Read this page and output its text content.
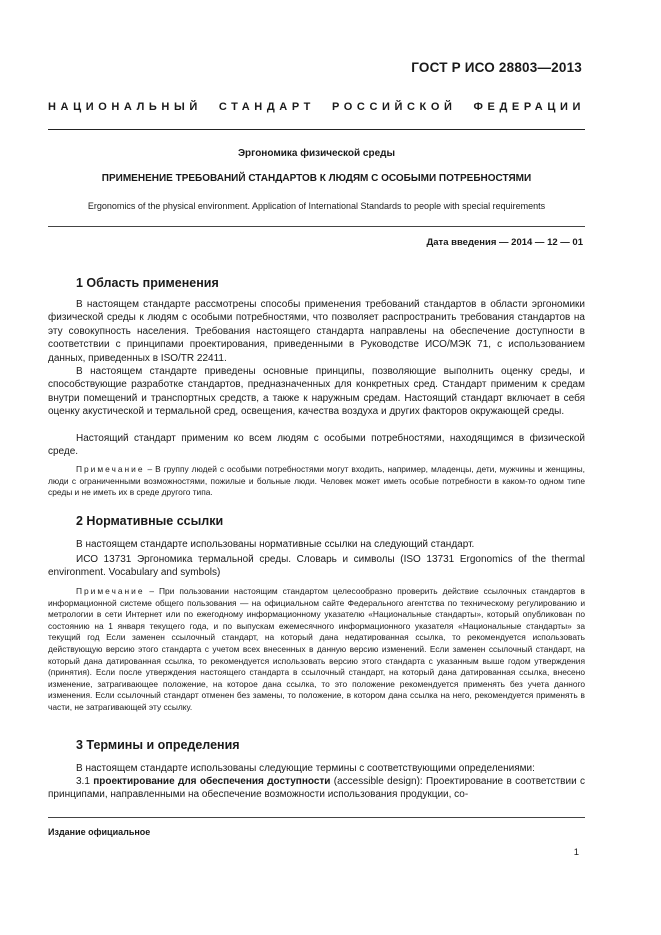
ГОСТ Р ИСО 28803—2013
НАЦИОНАЛЬНЫЙ СТАНДАРТ РОССИЙСКОЙ ФЕДЕРАЦИИ
Эргономика физической среды
ПРИМЕНЕНИЕ ТРЕБОВАНИЙ СТАНДАРТОВ К ЛЮДЯМ С ОСОБЫМИ ПОТРЕБНОСТЯМИ
Ergonomics of the physical environment. Application of International Standards to people with special requirements
Дата введения — 2014 — 12 — 01
1 Область применения

В настоящем стандарте рассмотрены способы применения требований стандартов в области эргономики физической среды к людям с особыми потребностями, что позволяет распространить требования стандартов на эту совокупность населения. Требования настоящего стандарта направлены на обеспечение доступности в соответствии с принципами проектирования, приведенными в Руководстве ИСО/МЭК 71, с использованием данных, приведенных в ISO/TR 22411.

В настоящем стандарте приведены основные принципы, позволяющие выполнить оценку среды, и способствующие разработке стандартов, предназначенных для конкретных сред. Стандарт применим к средам внутри помещений и транспортных средств, а также к наружным средам. Настоящий стандарт включает в себя оценку акустической и термальной сред, освещения, качества воздуха и других факторов окружающей среды.

Настоящий стандарт применим ко всем людям с особыми потребностями, находящимся в физической среде.

Примечание – В группу людей с особыми потребностями могут входить, например, младенцы, дети, мужчины и женщины, люди с ограниченными возможностями, пожилые и больные люди. Человек может иметь особые потребности в каком-то одном типе среды и не иметь их в среде другого типа.

2 Нормативные ссылки

В настоящем стандарте использованы нормативные ссылки на следующий стандарт.

ИСО 13731 Эргономика термальной среды. Словарь и символы (ISO 13731 Ergonomics of the thermal environment. Vocabulary and symbols)

Примечание – При пользовании настоящим стандартом целесообразно проверить действие ссылочных стандартов в информационной системе общего пользования — на официальном сайте Федерального агентства по техническому регулированию и метрологии в сети Интернет или по ежегодному информационному указателю «Национальные стандарты», который опубликован по состоянию на 1 января текущего года, и по выпускам ежемесячного информационного указателя «Национальные стандарты» за текущий год Если заменен ссылочный стандарт, на который дана недатированная ссылка, то рекомендуется использовать действующую версию этого стандарта с учетом всех внесенных в данную версию изменений. Если заменен ссылочный стандарт, на который дана датированная ссылка, то рекомендуется использовать версию этого стандарта с указанным выше годом утверждения (принятия). Если после утверждения настоящего стандарта в ссылочный стандарт, на который дана датированная ссылка, внесено изменение, затрагивающее положение, на которое дана ссылка, то это положение рекомендуется применять без учета данного изменения. Если ссылочный стандарт отменен без замены, то положение, в котором дана ссылка на него, рекомендуется применять в части, не затрагивающей эту ссылку.

3 Термины и определения

В настоящем стандарте использованы следующие термины с соответствующими определениями:

3.1 проектирование для обеспечения доступности (accessible design): Проектирование в соответствии с принципами, направленными на обеспечение возможности использования продукции, со-

Издание официальное
1
